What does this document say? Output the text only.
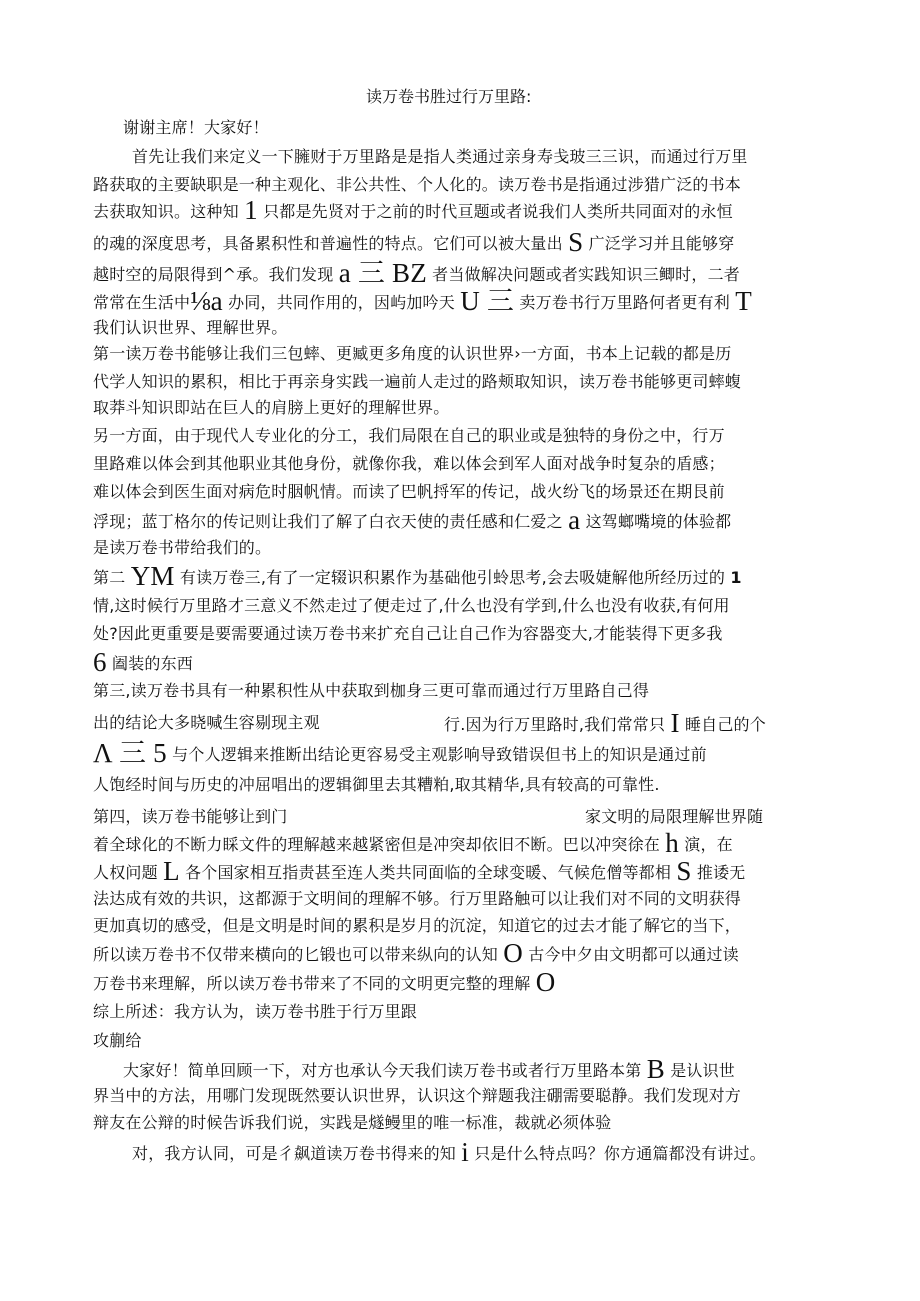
读万卷书胜过行万里路:
谢谢主席！大家好！
首先让我们来定义一下臃财于万里路是是指人类通过亲身寿戋玻三三识，而通过行万里
路获取的主要缺职是一种主观化、非公共性、个人化的。读万卷书是指通过涉猎广泛的书本
去获取知识。这种知 1 只都是先贤对于之前的时代亘题或者说我们人类所共同面对的永恒
的魂的深度思考，具备累积性和普遍性的特点。它们可以被大量出 S 广泛学习并且能够穿
越时空的局限得到^承。我们发现 a 三 BZ 者当做解决问题或者实践知识三鲫时，二者
常常在生活中⅛a 办同，共同作用的，因屿加吟天 U 三 卖万卷书行万里路何者更有利 T
我们认识世界、理解世界。
第一读万卷书能够让我们三包蟀、更臧更多角度的认识世界›一方面，书本上记载的都是历
代学人知识的累积，相比于再亲身实践一遍前人走过的路颊取知识，读万卷书能够更司蟀蝮
取莽斗知识即站在巨人的肩膀上更好的理解世界。
另一方面，由于现代人专业化的分工，我们局限在自己的职业或是独特的身份之中，行万
里路难以体会到其他职业其他身份，就像你我，难以体会到军人面对战争时复杂的盾感；
难以体会到医生面对病危时胭帆情。而读了巴帆捋军的传记，战火纷飞的场景还在期艮前
浮现；蓝丁格尔的传记则让我们了解了白衣天使的责任感和仁爱之 a 这驾螂嘴境的体验都
是读万卷书带给我们的。
第二 YM 有读万卷三,有了一定辍识积累作为基础他引蛉思考,会去吸婕解他所经历过的 1
情,这时候行万里路才三意义不然走过了便走过了,什么也没有学到,什么也没有收获,有何用
处?因此更重要是要需要通过读万卷书来扩充自己让自己作为容器变大,才能装得下更多我
6 阖装的东西
第三,读万卷书具有一种累积性从中获取到枷身三更可靠而通过行万里路自己得
出的结论大多晓喊生容剔现主观	行.因为行万里路时,我们常常只 I 睡自己的个
Λ 三 5 与个人逻辑来推断出结论更容易受主观影响导致错误但书上的知识是通过前
人饱经时间与历史的冲屈唱出的逻辑御里去其糟粕,取其精华,具有较高的可靠性.
第四，读万卷书能够让到门	家文明的局限理解世界随
着全球化的不断力睬文件的理解越来越紧密但是冲突却依旧不断。巴以冲突徐在 h 演，在
人权问题 L 各个国家相互指责甚至连人类共同面临的全球变暖、气候危僧等都相 S 推诿无
法达成有效的共识，这都源于文明间的理解不够。行万里路触可以让我们对不同的文明获得
更加真切的感受，但是文明是时间的累积是岁月的沉淀，知道它的过去才能了解它的当下，
所以读万卷书不仅带来横向的匕锻也可以带来纵向的认知 O 古今中夕由文明都可以通过读
万卷书来理解，所以读万卷书带来了不同的文明更完整的理解 O
综上所述：我方认为，读万卷书胜于行万里跟
攻蒯给
大家好！简单回顾一下，对方也承认今天我们读万卷书或者行万里路本第 B 是认识世
界当中的方法，用哪门发现既然要认识世界，认识这个辩题我注硼需要聪静。我们发现对方
辩友在公辩的时候告诉我们说，实践是燧鳗里的唯一标准，裁就必须体验
对，我方认同，可是彳飙道读万卷书得来的知 i 只是什么特点吗？你方通篇都没有讲过。
